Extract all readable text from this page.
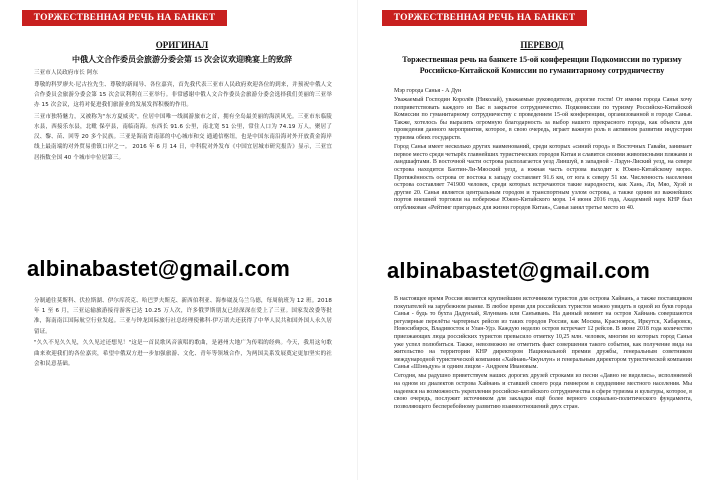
ТОРЖЕСТВЕННАЯ РЕЧЬ НА БАНКЕТ
ОРИГИНАЛ
中俄人文合作委员会旅游分委会第 15 次会议欢迎晚宴上的致辞

三亚市人民政府市长 阿东

尊敬的科罗廖夫·尼古拉先生、尊敬的新闻导、各位嘉宾，首先我代表三亚市人民政府欢迎各位的到来，并预祝中俄人文合作委员会旅游分委会第 15 次会议利利在三亚举行。非常感谢中俄人文合作委员会旅游分委会选择我们美丽的三亚举办 15 次会议，这将对促进我们旅游业的发展发挥积极的作用。

三亚市独特魅力，又被称为"东方夏威夷"，位居中国唯一线属游旅市之首，拥有全岛最美丽的海滨风光。三亚市东临陵水县，西接乐东县，北毗 保亭县，南临南海。东西长 91.6 公里，南北宽 51 公里，常住人口为 74.19 万人，聚居了汉、黎、苗、回等 20 多个民族。三亚是海南省南部的中心城市和交 通通信枢纽，也是中国东南沿海对外开放黄金海岸线上最南端的对外贸易重镇口岸之一。 2016 年 6 月 14 日，中科院对外发布《中国宜居城市研究报告》显示，三亚宜居指数全国 40 个城市中位居第三。

albinabastet@gmail.com

分制通往莫斯科、伏拉斯湖、伊尔库茨克、哈巴罗夫斯克、新西伯利亚、海参崴及乌兰乌德，每周航班为 12 班。2018 年 1 至 6 月，三亚运输旅游接待游客已达 10.25 万人次，许多俄罗斯朋友已经深深在爱上了三亚。国家发改委等批准，海南南江国际航空行业发起。三亚与钟龙国际旅行社总经理使佛科·伊万诺夫还获得了中华人民共和国外国人永久居留证。

"久久不见久久见，久久见过还想见！"这是一首民歌风音演唱的歌曲，是港州大地广为传唱的经典。今天，我用这句歌曲来欢迎我们的各位嘉宾，希望中俄双方进一步加强旅游、文化、青年等领域合作，为两国关系发展奠定更加坚实的社会和民意基础。

ТОРЖЕСТВЕННАЯ РЕЧЬ НА БАНКЕТ
ПЕРЕВОД
Торжественная речь на банкете 15-ой конференции Подкомиссии по туризму Российско-Китайской Комиссии по гуманитарному сотрудничеству

Мэр города Санья - А Дун

Уважаемый Господин Королёв (Николай), уважаемые руководители, дорогие гости! От имени города Санья хочу поприветствовать каждого из Вас в закрытое сотрудничество. Подкомиссии по туризму Российско-Китайской Комиссии по гуманитарному сотрудничеству с проведением 15-ой конференции, организованной в городе Санья. Также, хотелось бы выразить огромную благодарность за выбор нашего прекрасного города, как объекта для проведения данного мероприятия, которое, в свою очередь, играет важную роль в активном развитии индустрии туризма обеих государств.

Город Санья имеет несколько других наименований, среди которых «синий город» в Восточных Гавайи, занимает первое место среди четырёх главнейших туристических городов Китая и славится своими живописными пляжами и ландшафтами. В восточной части острова располагается уезд Линшуй, в западной - Лэдун-Лиский уезд, на севере острова находится Баотин-Ли-Мяоский уезд, а южная часть острова выходит к Южно-Китайскому морю. Протяжённость острова от востока к западу составляет 91.6 км, от юга к северу 51 км. Численность населения острова составляет 741900 человек, среди которых встречаются такие народности, как Хань, Ли, Мяо, Хуэй и другие 20. Санья является центральным городом и транспортным узлом острова, а также одним из важнейших портов внешней торговли на побережье Южно-Китайского моря. 14 июня 2016 года, Академией наук КНР был опубликован «Рейтинг пригодных для жизни городов Китая», Санья занял третье место из 40.

albinabastet@gmail.com

В настоящее время Россия является крупнейшим источником туристов для острова Хайнань, а также поставщиком покупателей на зарубежном рынке. В любое время для российских туристов можно увидеть в одной из букв города Санья - будь то бухта Дадунхай, Ялунвань или Санъявань. На данный момент на остров Хайнань совершаются регулярные перелёты чартерных рейсов из таких городов России, как Москва, Красноярск, Иркутск, Хабаровск, Новосибирск, Владивосток и Улан-Удэ. Каждую неделю остров встречает 12 рейсов. В июне 2018 года количество приезжающих люда российских туристов превысило отметку 10,25 млн. человек, многим из которых город Санья уже успел полюбиться. Также, невозможно не отметить факт совершения такого события, как получение вида на жительство на территории КНР директором Национальной премии дружбы, генеральным советником международной туристической компании «Хайнань-Чжунлун» и генеральным директором туристической компании Санья «Шэньдун» и одним лицом - Андреем Ивановым.

Сегодня, мы радушно приветствуем наших дорогих друзей строками из песни «Давно не виделись», исполняемой на одном из диалектов острова Хайнань и ставшей своего рода гимнером в сердцевине местного населения. Мы надеемся на возможность укрепления российско-китайского сотрудничества в сфере туризма и культуры, которое, в свою очередь, послужит источником для закладки ещё более верного социально-политического фундамента, позволяющего бесперебойному развитию взаимоотношений двух стран.
